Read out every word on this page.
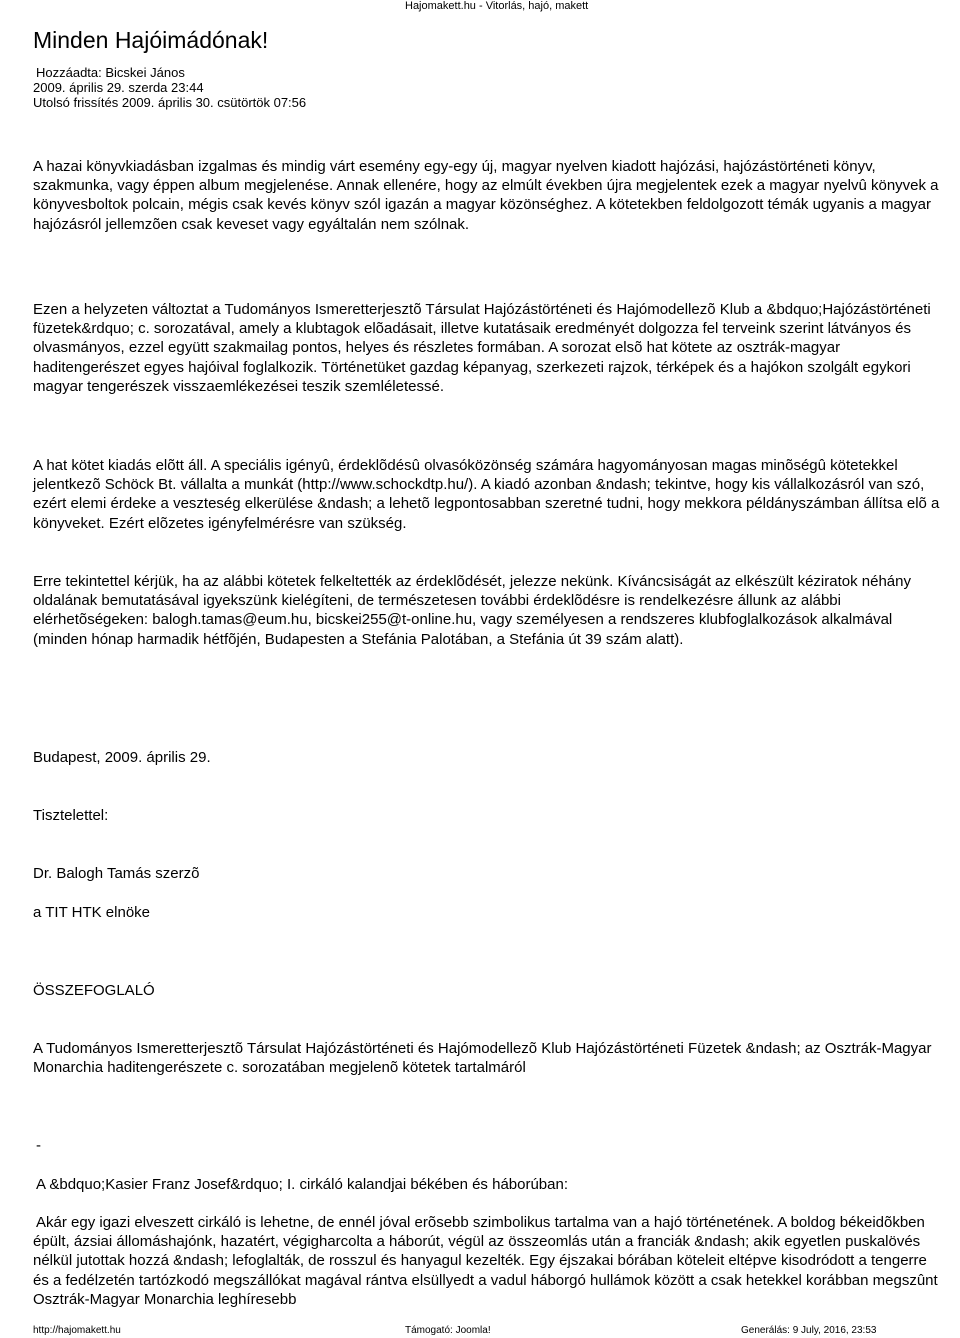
Hajomakett.hu - Vitorlás, hajó, makett
Minden Hajóimádónak!
Hozzáadta: Bicskei János
2009. április 29. szerda 23:44
Utolsó frissítés 2009. április 30. csütörtök 07:56

A hazai könyvkiadásban izgalmas és mindig várt esemény egy-egy új, magyar nyelven kiadott hajózási, hajózástörténeti könyv, szakmunka, vagy éppen album megjelenése. Annak ellenére, hogy az elmúlt években újra megjelentek ezek a magyar nyelvû könyvek a könyvesboltok polcain, mégis csak kevés könyv szól igazán a magyar közönséghez. A kötetekben feldolgozott témák ugyanis a magyar hajózásról jellemzõen csak keveset vagy egyáltalán nem szólnak.

Ezen a helyzeten változtat a Tudományos Ismeretterjesztõ Társulat Hajózástörténeti és Hajómodellezõ Klub a &bdquo;Hajózástörténeti füzetek&rdquo; c. sorozatával, amely a klubtagok elõadásait, illetve kutatásaik eredményét dolgozza fel terveink szerint látványos és olvasmányos, ezzel együtt szakmailag pontos, helyes és részletes formában. A sorozat elsõ hat kötete az osztrák-magyar haditengerészet egyes hajóival foglalkozik. Történetüket gazdag képanyag, szerkezeti rajzok, térképek és a hajókon szolgált egykori magyar tengerészek visszaemlékezései teszik szemléletessé.

A hat kötet kiadás elõtt áll. A speciális igényû, érdeklõdésû olvasóközönség számára hagyományosan magas minõségû kötetekkel jelentkezõ Schöck Bt. vállalta a munkát (http://www.schockdtp.hu/). A kiadó azonban &ndash; tekintve, hogy kis vállalkozásról van szó, ezért elemi érdeke a veszteség elkerülése &ndash; a lehetõ legpontosabban szeretné tudni, hogy mekkora példányszámban állítsa elõ a könyveket. Ezért elõzetes igényfelmérésre van szükség.

Erre tekintettel kérjük, ha az alábbi kötetek felkeltették az érdeklõdését, jelezze nekünk. Kíváncsiságát az elkészült kéziratok néhány oldalának bemutatásával igyekszünk kielégíteni, de természetesen további érdeklõdésre is rendelkezésre állunk az alábbi elérhetõségeken: balogh.tamas@eum.hu, bicskei255@t-online.hu, vagy személyesen a rendszeres klubfoglalkozások alkalmával (minden hónap harmadik hétfõjén, Budapesten a Stefánia Palotában, a Stefánia út 39 szám alatt).

Budapest, 2009. április 29.

Tisztelettel:

Dr. Balogh Tamás szerzõ

a TIT HTK elnöke

ÖSSZEFOGLALÓ

A Tudományos Ismeretterjesztõ Társulat Hajózástörténeti és Hajómodellezõ Klub Hajózástörténeti Füzetek &ndash; az Osztrák-Magyar Monarchia haditengerészete c. sorozatában megjelenõ kötetek tartalmáról

-

A &bdquo;Kasier Franz Josef&rdquo; I. cirkáló kalandjai békében és háborúban:

Akár egy igazi elveszett cirkáló is lehetne, de ennél jóval erõsebb szimbolikus tartalma van a hajó történetének. A boldog békeidõkben épült, ázsiai állomáshajónk, hazatért, végigharcolta a háborút, végül az összeomlás után a franciák &ndash; akik egyetlen puskalövés nélkül jutottak hozzá &ndash; lefoglalták, de rosszul és hanyagul kezelték. Egy éjszakai bórában köteleit eltépve kisodródott a tengerre és a fedélzetén tartózkodó megszállókat magával rántva elsüllyedt a vadul háborgó hullámok között a csak hetekkel korábban megszûnt Osztrák-Magyar Monarchia leghíresebb

http://hajomakett.hu	Támogató: Joomla!	Generálás: 9 July, 2016, 23:53
